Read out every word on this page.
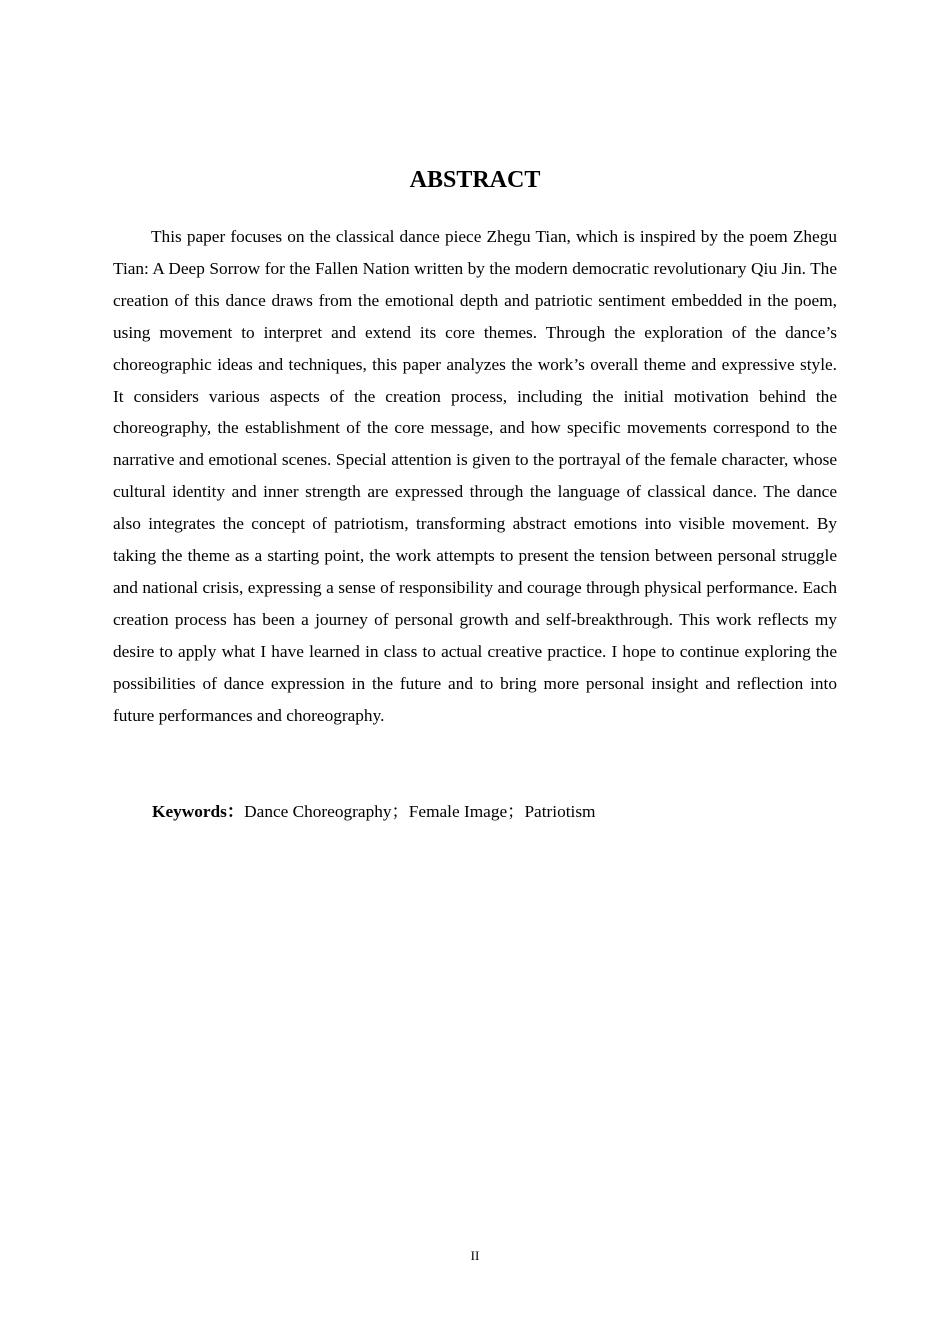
ABSTRACT

This paper focuses on the classical dance piece Zhegu Tian, which is inspired by the poem Zhegu Tian: A Deep Sorrow for the Fallen Nation written by the modern democratic revolutionary Qiu Jin. The creation of this dance draws from the emotional depth and patriotic sentiment embedded in the poem, using movement to interpret and extend its core themes. Through the exploration of the dance’s choreographic ideas and techniques, this paper analyzes the work’s overall theme and expressive style. It considers various aspects of the creation process, including the initial motivation behind the choreography, the establishment of the core message, and how specific movements correspond to the narrative and emotional scenes. Special attention is given to the portrayal of the female character, whose cultural identity and inner strength are expressed through the language of classical dance. The dance also integrates the concept of patriotism, transforming abstract emotions into visible movement. By taking the theme as a starting point, the work attempts to present the tension between personal struggle and national crisis, expressing a sense of responsibility and courage through physical performance. Each creation process has been a journey of personal growth and self-breakthrough. This work reflects my desire to apply what I have learned in class to actual creative practice. I hope to continue exploring the possibilities of dance expression in the future and to bring more personal insight and reflection into future performances and choreography.

Keywords：Dance Choreography；Female Image；Patriotism

II
